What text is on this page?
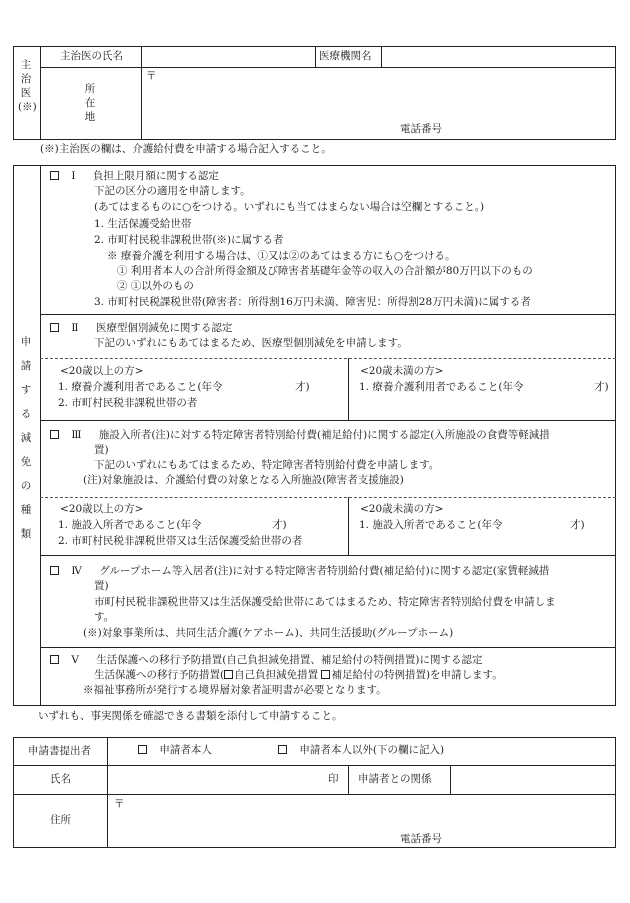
主治医(※)
主治医の氏名	医療機関名
所在地
〒
電話番号
(※)主治医の欄は、介護給付費を申請する場合記入すること。
申請する減免の種類
Ⅰ 負担上限月額に関する認定
下記の区分の適用を申請します。
(あてはまるものに○をつける。いずれにも当てはまらない場合は空欄とすること。)
1. 生活保護受給世帯
2. 市町村民税非課税世帯(※)に属する者
※ 療養介護を利用する場合は、①又は②のあてはまる方にも○をつける。
① 利用者本人の合計所得金額及び障害者基礎年金等の収入の合計額が80万円以下のもの
② ①以外のもの
3. 市町村民税課税世帯(障害者：所得割16万円未満、障害児：所得割28万円未満)に属する者
Ⅱ 医療型個別減免に関する認定
下記のいずれにもあてはまるため、医療型個別減免を申請します。
<20歳以上の方>
1. 療養介護利用者であること(年令	才)
2. 市町村民税非課税世帯の者
<20歳未満の方>
1. 療養介護利用者であること(年令	才)
Ⅲ 施設入所者(注)に対する特定障害者特別給付費(補足給付)に関する認定(入所施設の食費等軽減措
置)
下記のいずれにもあてはまるため、特定障害者特別給付費を申請します。
(注)対象施設は、介護給付費の対象となる入所施設(障害者支援施設)
<20歳以上の方>
1. 施設入所者であること(年令	才)
2. 市町村民税非課税世帯又は生活保護受給世帯の者
<20歳未満の方>
1. 施設入所者であること(年令	才)
Ⅳ グループホーム等入居者(注)に対する特定障害者特別給付費(補足給付)に関する認定(家賃軽減措
置)
市町村民税非課税世帯又は生活保護受給世帯にあてはまるため、特定障害者特別給付費を申請しま
す。
(※)対象事業所は、共同生活介護(ケアホーム)、共同生活援助(グループホーム)
Ⅴ 生活保護への移行予防措置(自己負担減免措置、補足給付の特例措置)に関する認定
生活保護への移行予防措置( 自己負担減免措置 補足給付の特例措置)を申請します。
※福祉事務所が発行する境界層対象者証明書が必要となります。
いずれも、事実関係を確認できる書類を添付して申請すること。
申請書提出者	申請者本人	申請者本人以外(下の欄に記入)
氏名	印 申請者との関係
住所
〒
電話番号
